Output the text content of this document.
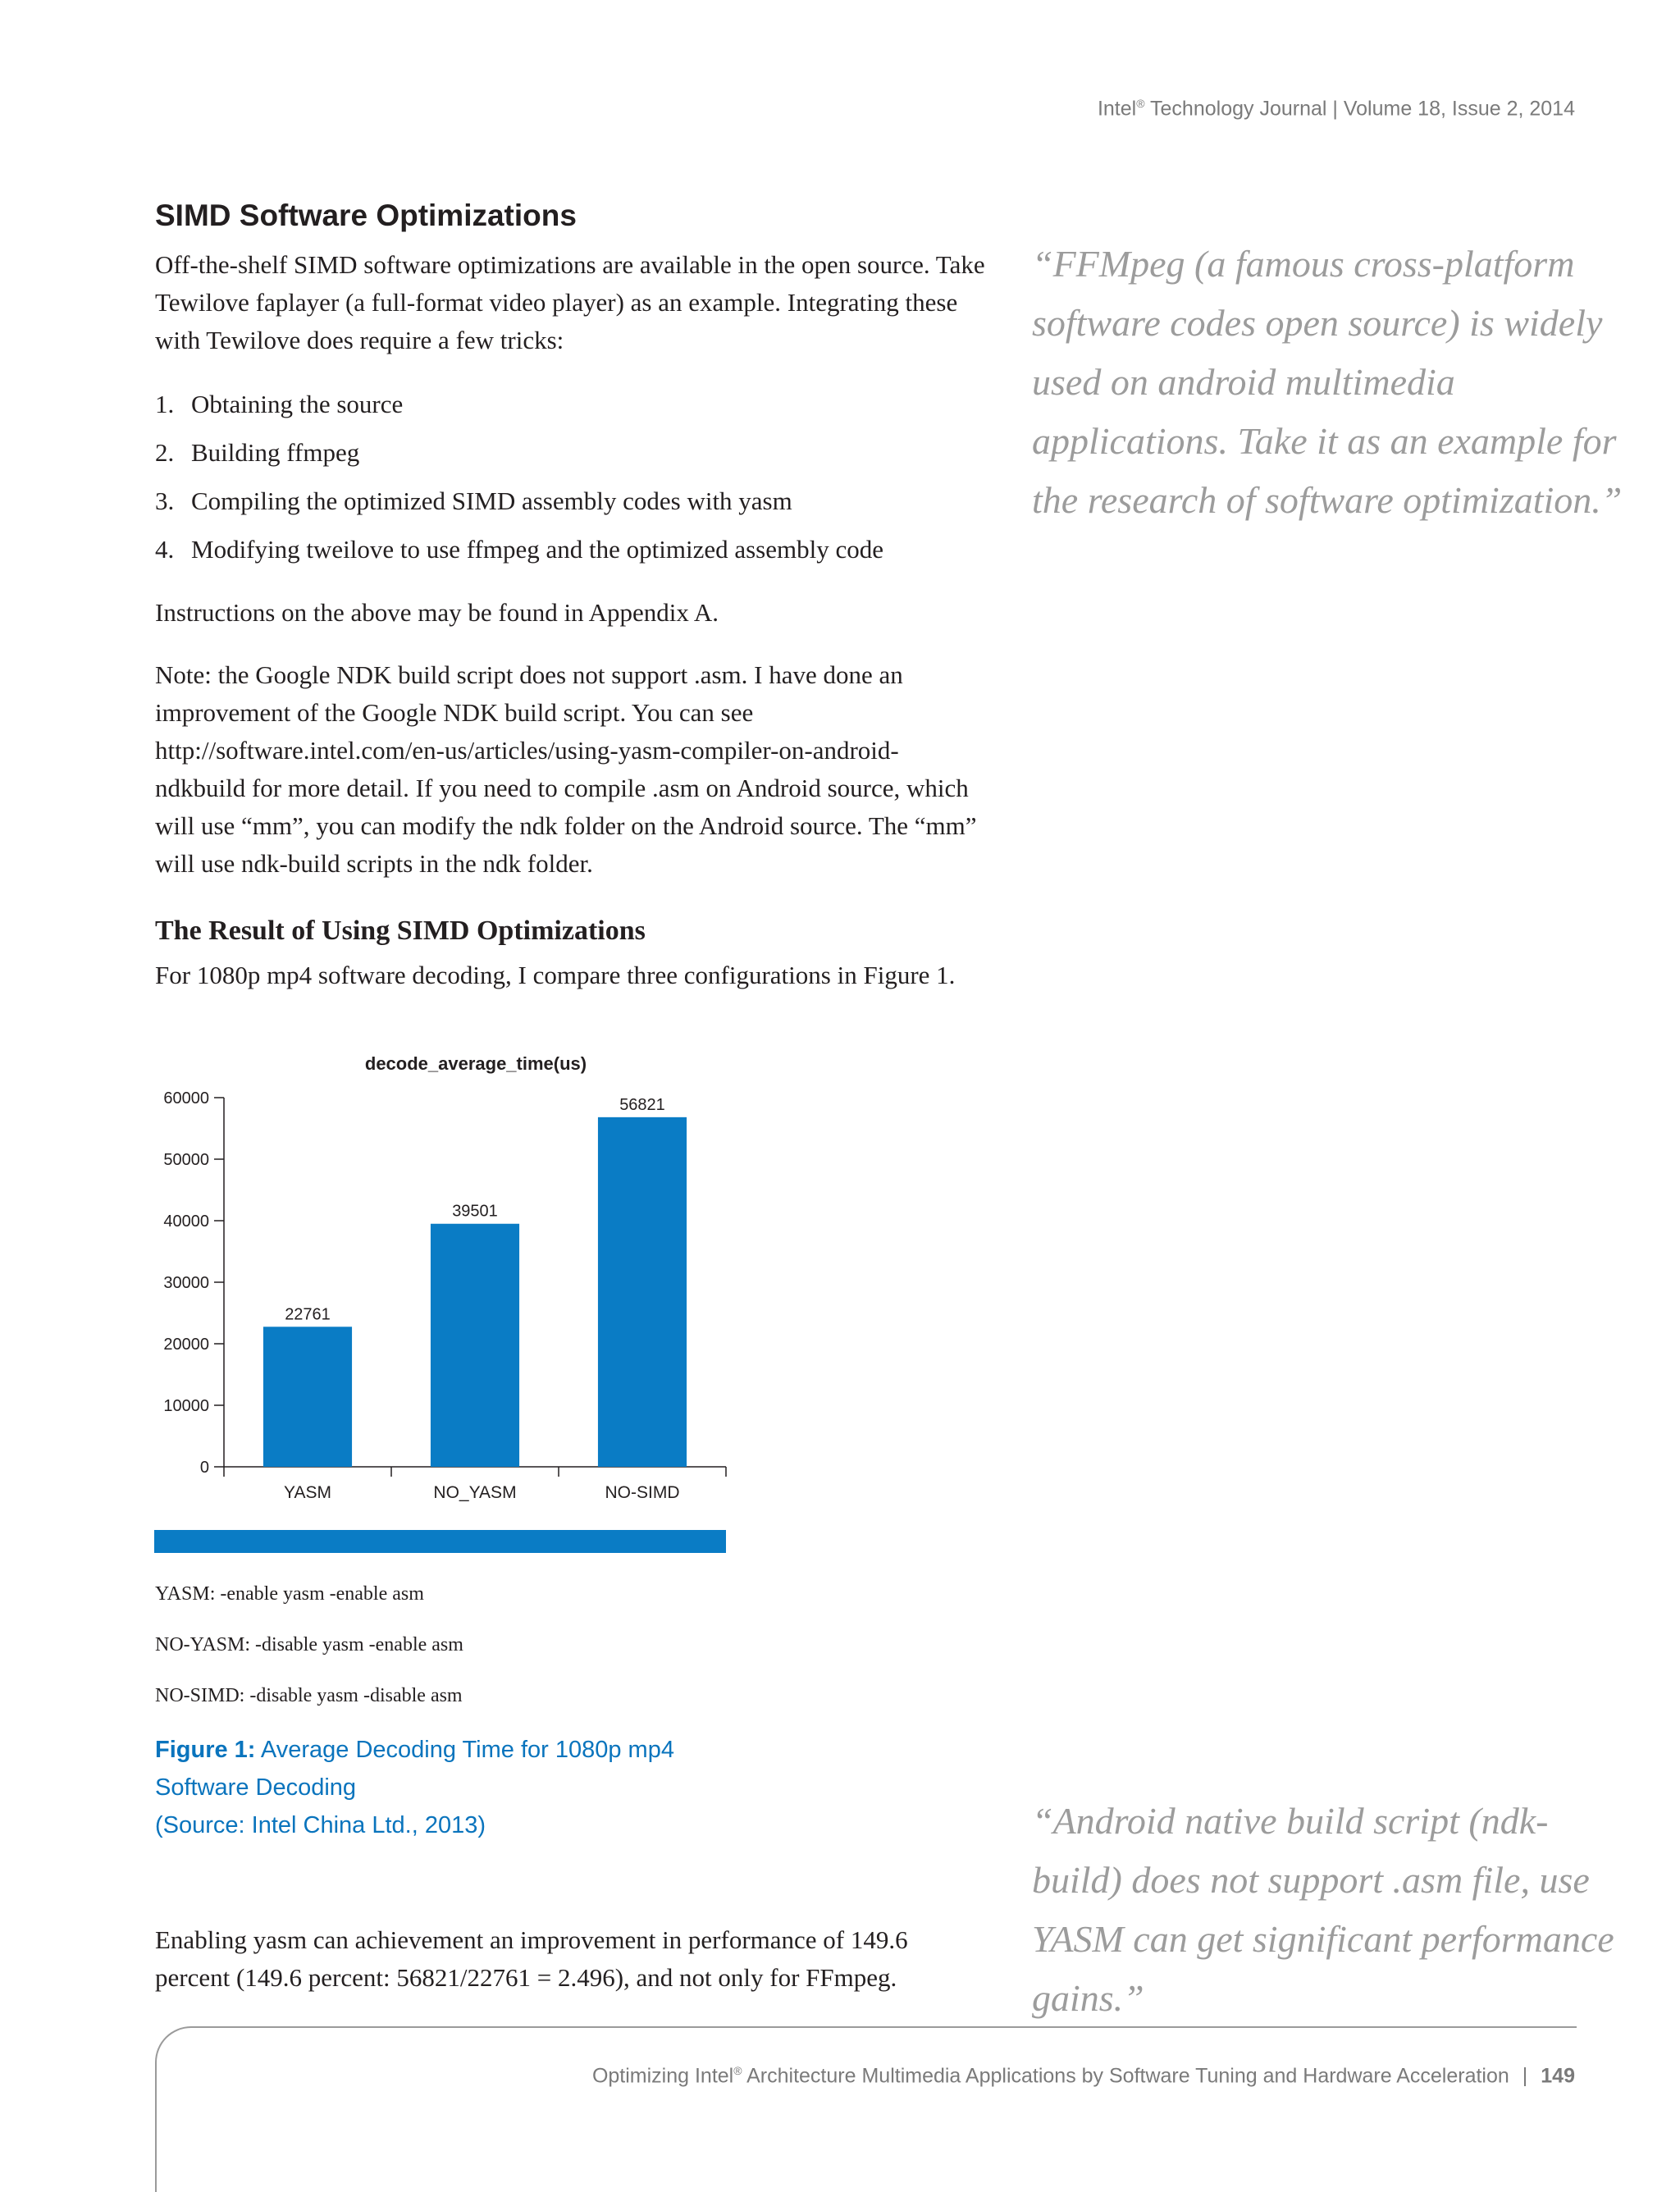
Intel® Technology Journal | Volume 18, Issue 2, 2014
SIMD Software Optimizations

Off-the-shelf SIMD software optimizations are available in the open source. Take Tewilove faplayer (a full-format video player) as an example. Integrating these with Tewilove does require a few tricks:

1. Obtaining the source
2. Building ffmpeg
3. Compiling the optimized SIMD assembly codes with yasm
4. Modifying tweilove to use ffmpeg and the optimized assembly code

Instructions on the above may be found in Appendix A.

Note: the Google NDK build script does not support .asm. I have done an improvement of the Google NDK build script. You can see http://software.intel.com/en-us/articles/using-yasm-compiler-on-android-ndkbuild for more detail. If you need to compile .asm on Android source, which will use “mm”, you can modify the ndk folder on the Android source. The “mm” will use ndk-build scripts in the ndk folder.

The Result of Using SIMD Optimizations

For 1080p mp4 software decoding, I compare three configurations in Figure 1.

“FFMpeg (a famous cross-platform software codes open source) is widely used on android multimedia applications. Take it as an example for the research of software optimization.”
decode_average_time(us)
0
10000
20000
30000
40000
50000
60000
22761
YASM
39501
NO_YASM
56821
NO-SIMD
YASM: -enable yasm -enable asm
NO-YASM: -disable yasm -enable asm
NO-SIMD: -disable yasm -disable asm
Figure 1: Average Decoding Time for 1080p mp4
Software Decoding
(Source: Intel China Ltd., 2013)	“Android native build script (ndk-build) does not support .asm file, use YASM can get significant performance gains.”

Enabling yasm can achievement an improvement in performance of 149.6 percent (149.6 percent: 56821/22761 = 2.496), and not only for FFmpeg.

Optimizing Intel® Architecture Multimedia Applications by Software Tuning and Hardware Acceleration | 149
